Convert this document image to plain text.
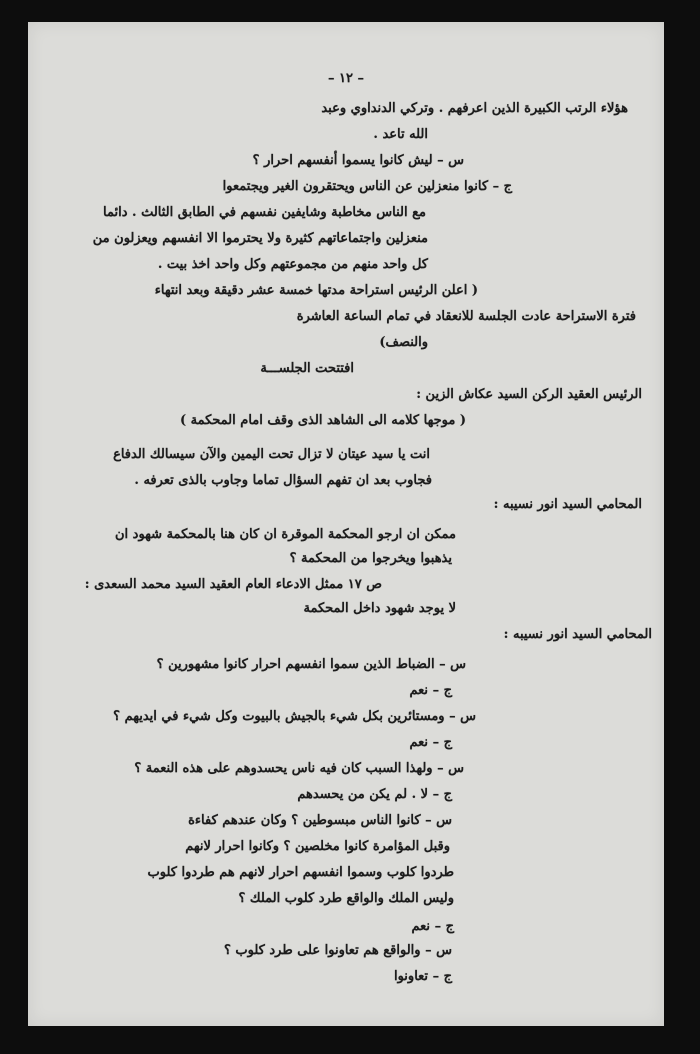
– ١٢ –
هؤلاء الرتب الكبيرة الذين اعرفهم . وتركي الدنداوي وعبد
الله تاعد .
س – ليش كانوا يسموا أنفسهم احرار ؟
ج – كانوا منعزلين عن الناس ويحتقرون الغير ويجتمعوا
مع الناس مخاطبة وشايفين نفسهم في الطابق الثالث . دائما
منعزلين واجتماعاتهم كثيرة ولا يحترموا الا انفسهم ويعزلون من
كل واحد منهم من مجموعتهم وكل واحد اخذ بيت .
( اعلن الرئيس استراحة مدتها خمسة عشر دقيقة وبعد انتهاء
فترة الاستراحة عادت الجلسة للانعقاد في تمام الساعة العاشرة
والنصف)
افتتحت الجلســـة
الرئيس العقيد الركن السيد عكاش الزين :
( موجها كلامه الى الشاهد الذى وقف امام المحكمة )
انت يا سيد عيتان لا تزال تحت اليمين والآن سيسالك الدفاع
فجاوب بعد ان تفهم السؤال تماما وجاوب بالذى تعرفه .
المحامي السيد انور نسيبه :
ممكن ان ارجو المحكمة الموقرة ان كان هنا بالمحكمة شهود ان
يذهبوا ويخرجوا من المحكمة ؟
ص ١٧ ممثل الادعاء العام العقيد السيد محمد السعدى :
لا يوجد شهود داخل المحكمة
المحامي السيد انور نسيبه :
س – الضباط الذين سموا انفسهم احرار كانوا مشهورين ؟
ج – نعم
س – ومستائرين بكل شيء بالجيش بالبيوت وكل شيء في ايديهم ؟
ج – نعم
س – ولهذا السبب كان فيه ناس يحسدوهم على هذه النعمة ؟
ج – لا . لم يكن من يحسدهم
س – كانوا الناس مبسوطين ؟ وكان عندهم كفاءة
وقبل المؤامرة كانوا مخلصين ؟ وكانوا احرار لانهم
طردوا كلوب وسموا انفسهم احرار لانهم هم طردوا كلوب
وليس الملك والواقع طرد كلوب الملك ؟
ج – نعم
س – والواقع هم تعاونوا على طرد كلوب ؟
ج – تعاونوا
